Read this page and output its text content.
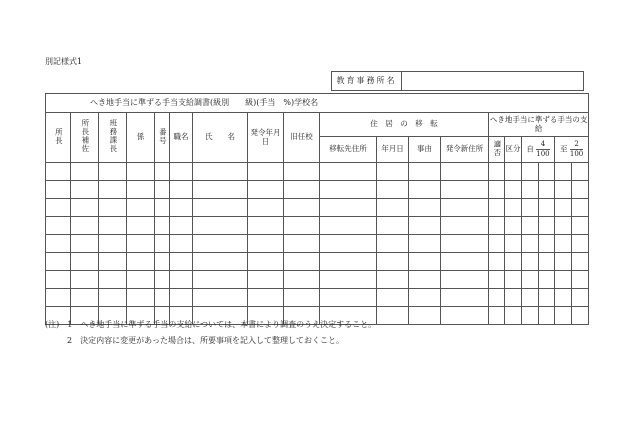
別記様式1
教育事務所名
へき地手当に準ずる手当支給調書(級別　　級)(手当　%)学校名																			
所長	所長補佐	班務課長	係	番号	職名	氏　　名	発令年月日	旧任校	住　居　の　移　転				へき地手当に準ずる手当の支給	
									移転先住所	年月日	事由	発令新住所	適否	区分	自 $\frac{4}{100}$		至 $\frac{2}{100}$

(注)　1　へき地手当に準ずる手当の支給については、本書により調査のうえ決定すること。
2　決定内容に変更があった場合は、所要事項を記入して整理しておくこと。
